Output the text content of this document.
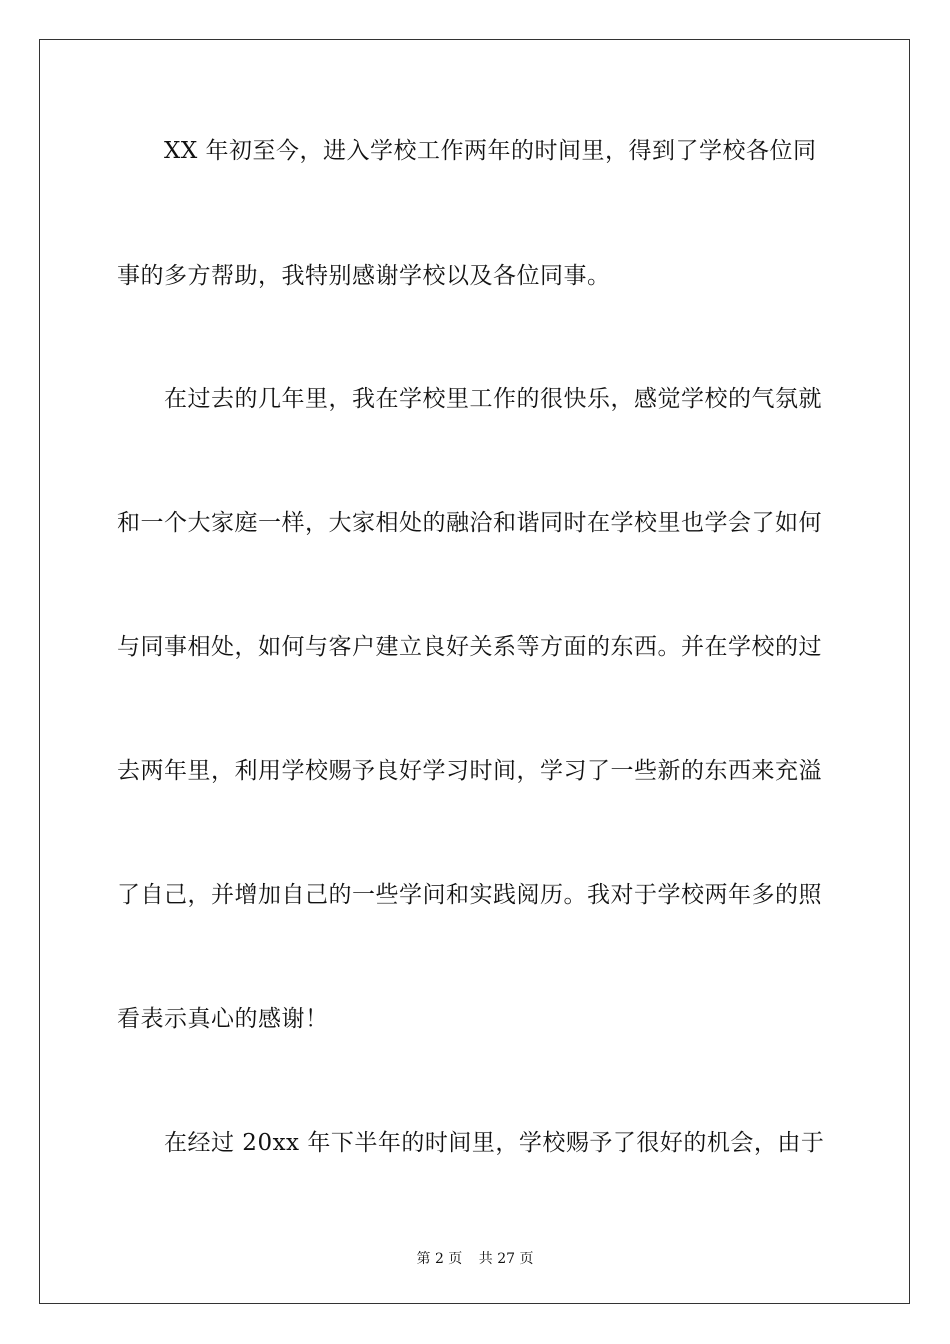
XX 年初至今，进入学校工作两年的时间里，得到了学校各位同
事的多方帮助，我特别感谢学校以及各位同事。
在过去的几年里，我在学校里工作的很快乐，感觉学校的气氛就
和一个大家庭一样，大家相处的融洽和谐同时在学校里也学会了如何
与同事相处，如何与客户建立良好关系等方面的东西。并在学校的过
去两年里，利用学校赐予良好学习时间，学习了一些新的东西来充溢
了自己，并增加自己的一些学问和实践阅历。我对于学校两年多的照
看表示真心的感谢！
在经过 20xx 年下半年的时间里，学校赐予了很好的机会，由于
第 2 页 共 27 页
